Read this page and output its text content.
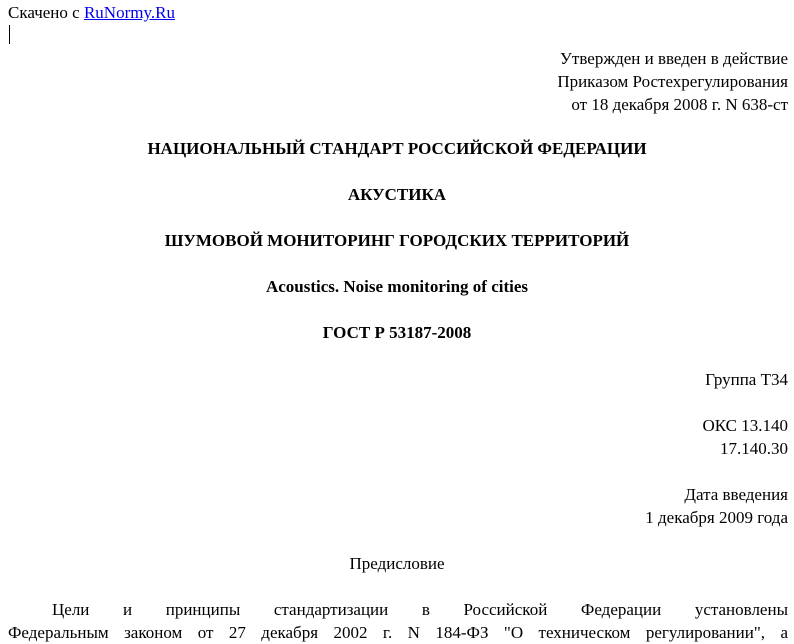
Скачено с RuNormy.Ru
Утвержден и введен в действие
Приказом Ростехрегулирования
от 18 декабря 2008 г. N 638-ст
НАЦИОНАЛЬНЫЙ СТАНДАРТ РОССИЙСКОЙ ФЕДЕРАЦИИ
АКУСТИКА
ШУМОВОЙ МОНИТОРИНГ ГОРОДСКИХ ТЕРРИТОРИЙ
Acoustics. Noise monitoring of cities
ГОСТ Р 53187-2008
Группа Т34
ОКС 13.140
17.140.30
Дата введения
1 декабря 2009 года
Предисловие
Цели и принципы стандартизации в Российской Федерации установлены
Федеральным законом от 27 декабря 2002 г. N 184-ФЗ "О техническом регулировании", а
